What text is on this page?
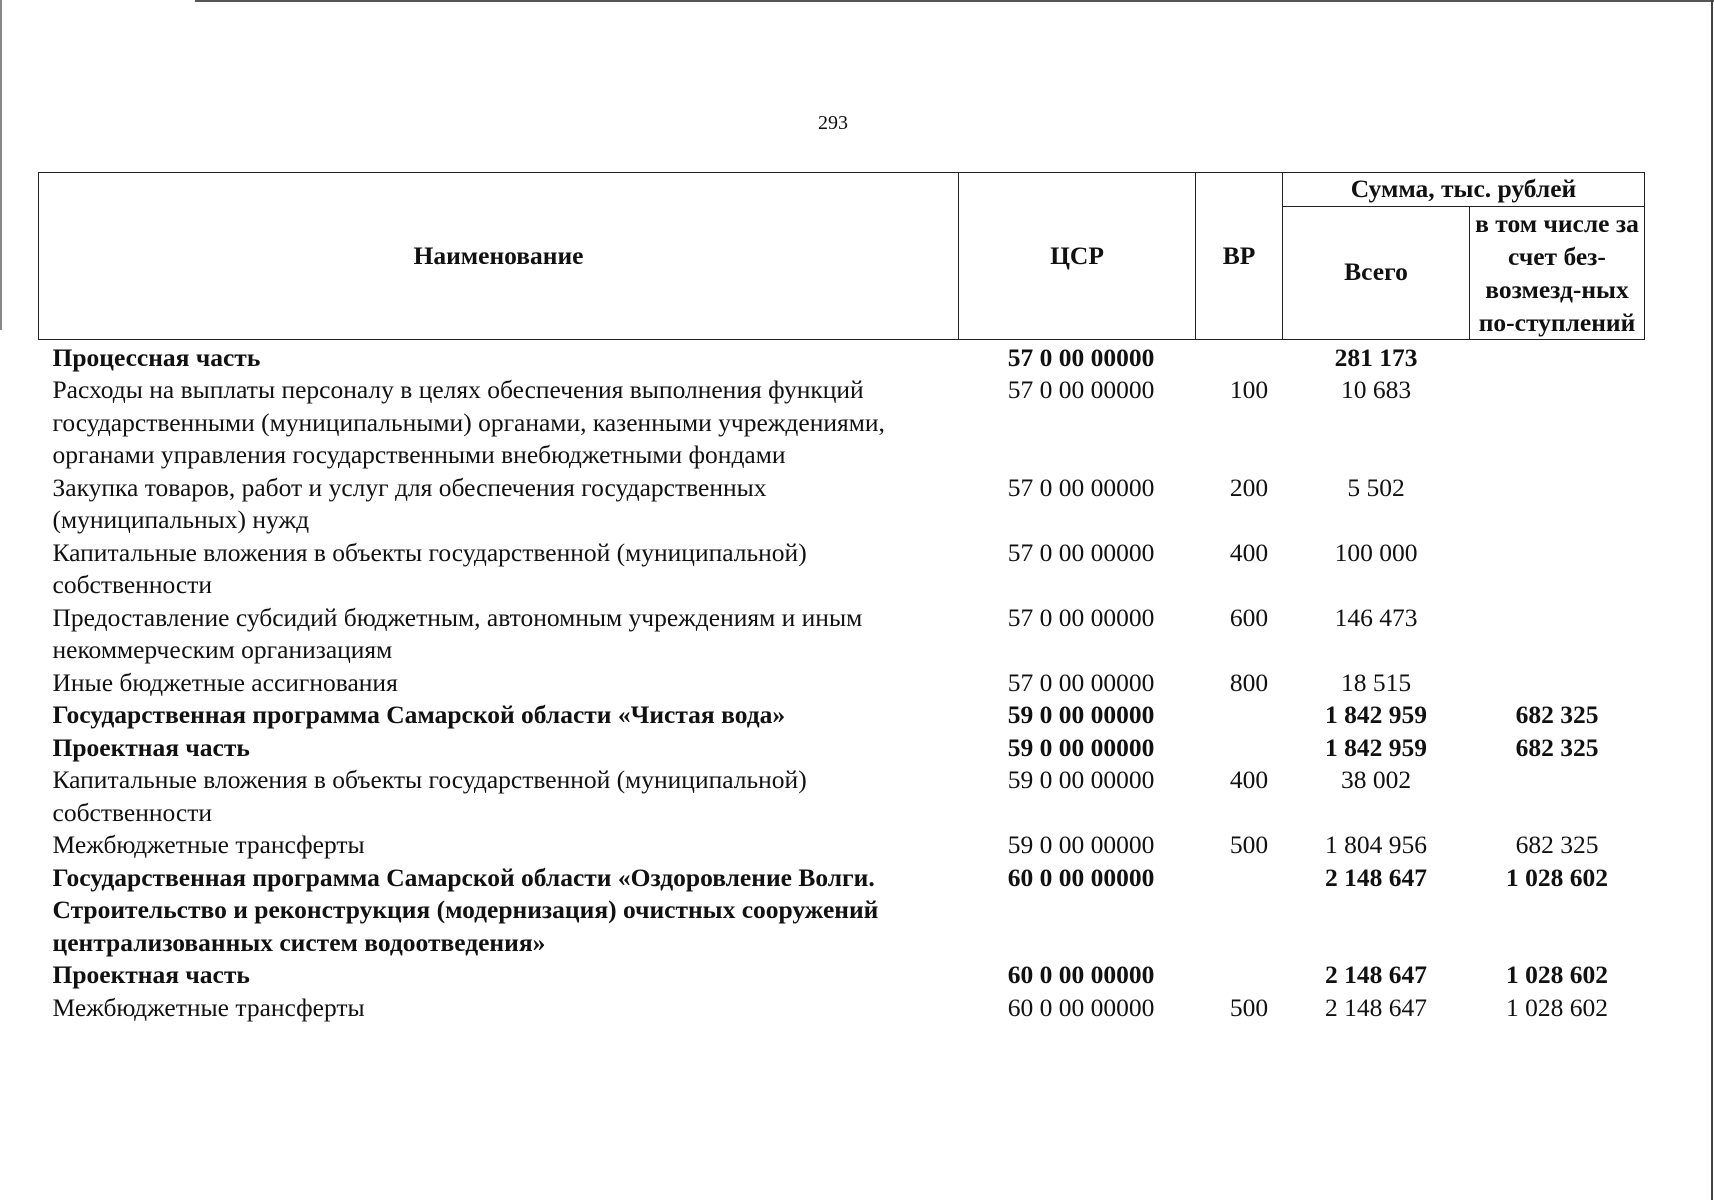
293
Наименование	ЦСР	ВР	Сумма, тыс. рублей	
			Всего	в том числе за счет без-возмезд-ных по-ступлений
Процессная часть	57 0 00 00000		281 173	
Расходы на выплаты персоналу в целях обеспечения выполнения функций государственными (муниципальными) органами, казенными учреждениями, органами управления государственными внебюджетными фондами	57 0 00 00000	100	10 683	
Закупка товаров, работ и услуг для обеспечения государственных (муниципальных) нужд	57 0 00 00000	200	5 502	
Капитальные вложения в объекты государственной (муниципальной) собственности	57 0 00 00000	400	100 000	
Предоставление субсидий бюджетным, автономным учреждениям и иным некоммерческим организациям	57 0 00 00000	600	146 473	
Иные бюджетные ассигнования	57 0 00 00000	800	18 515	
Государственная программа Самарской области «Чистая вода»	59 0 00 00000		1 842 959	682 325
Проектная часть	59 0 00 00000		1 842 959	682 325
Капитальные вложения в объекты государственной (муниципальной) собственности	59 0 00 00000	400	38 002	
Межбюджетные трансферты	59 0 00 00000	500	1 804 956	682 325
Государственная программа Самарской области «Оздоровление Волги. Строительство и реконструкция (модернизация) очистных сооружений централизованных систем водоотведения»	60 0 00 00000		2 148 647	1 028 602
Проектная часть	60 0 00 00000		2 148 647	1 028 602
Межбюджетные трансферты	60 0 00 00000	500	2 148 647	1 028 602
